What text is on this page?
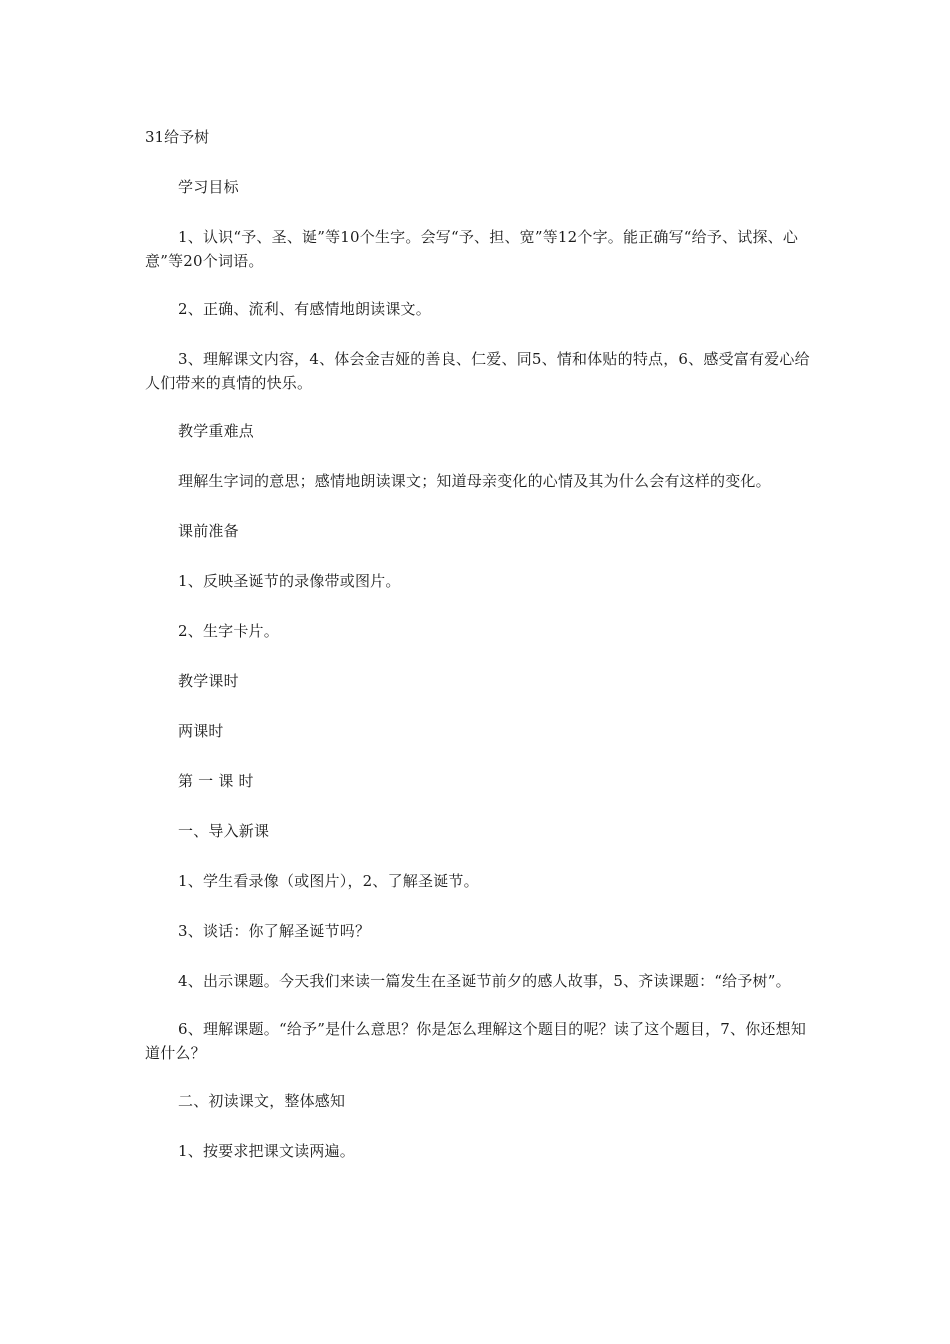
31给予树

学习目标

1、认识“予、圣、诞”等10个生字。会写“予、担、宽”等12个字。能正确写“给予、试探、心意”等20个词语。

2、正确、流利、有感情地朗读课文。

3、理解课文内容，4、体会金吉娅的善良、仁爱、同5、情和体贴的特点，6、感受富有爱心给人们带来的真情的快乐。

教学重难点

理解生字词的意思；感情地朗读课文；知道母亲变化的心情及其为什么会有这样的变化。

课前准备

1、反映圣诞节的录像带或图片。

2、生字卡片。

教学课时

两课时

第 一 课 时

一、导入新课

1、学生看录像（或图片），2、了解圣诞节。

3、谈话：你了解圣诞节吗？

4、出示课题。今天我们来读一篇发生在圣诞节前夕的感人故事，5、齐读课题：“给予树”。

6、理解课题。“给予”是什么意思？你是怎么理解这个题目的呢？读了这个题目，7、你还想知道什么？

二、初读课文，整体感知

1、按要求把课文读两遍。
